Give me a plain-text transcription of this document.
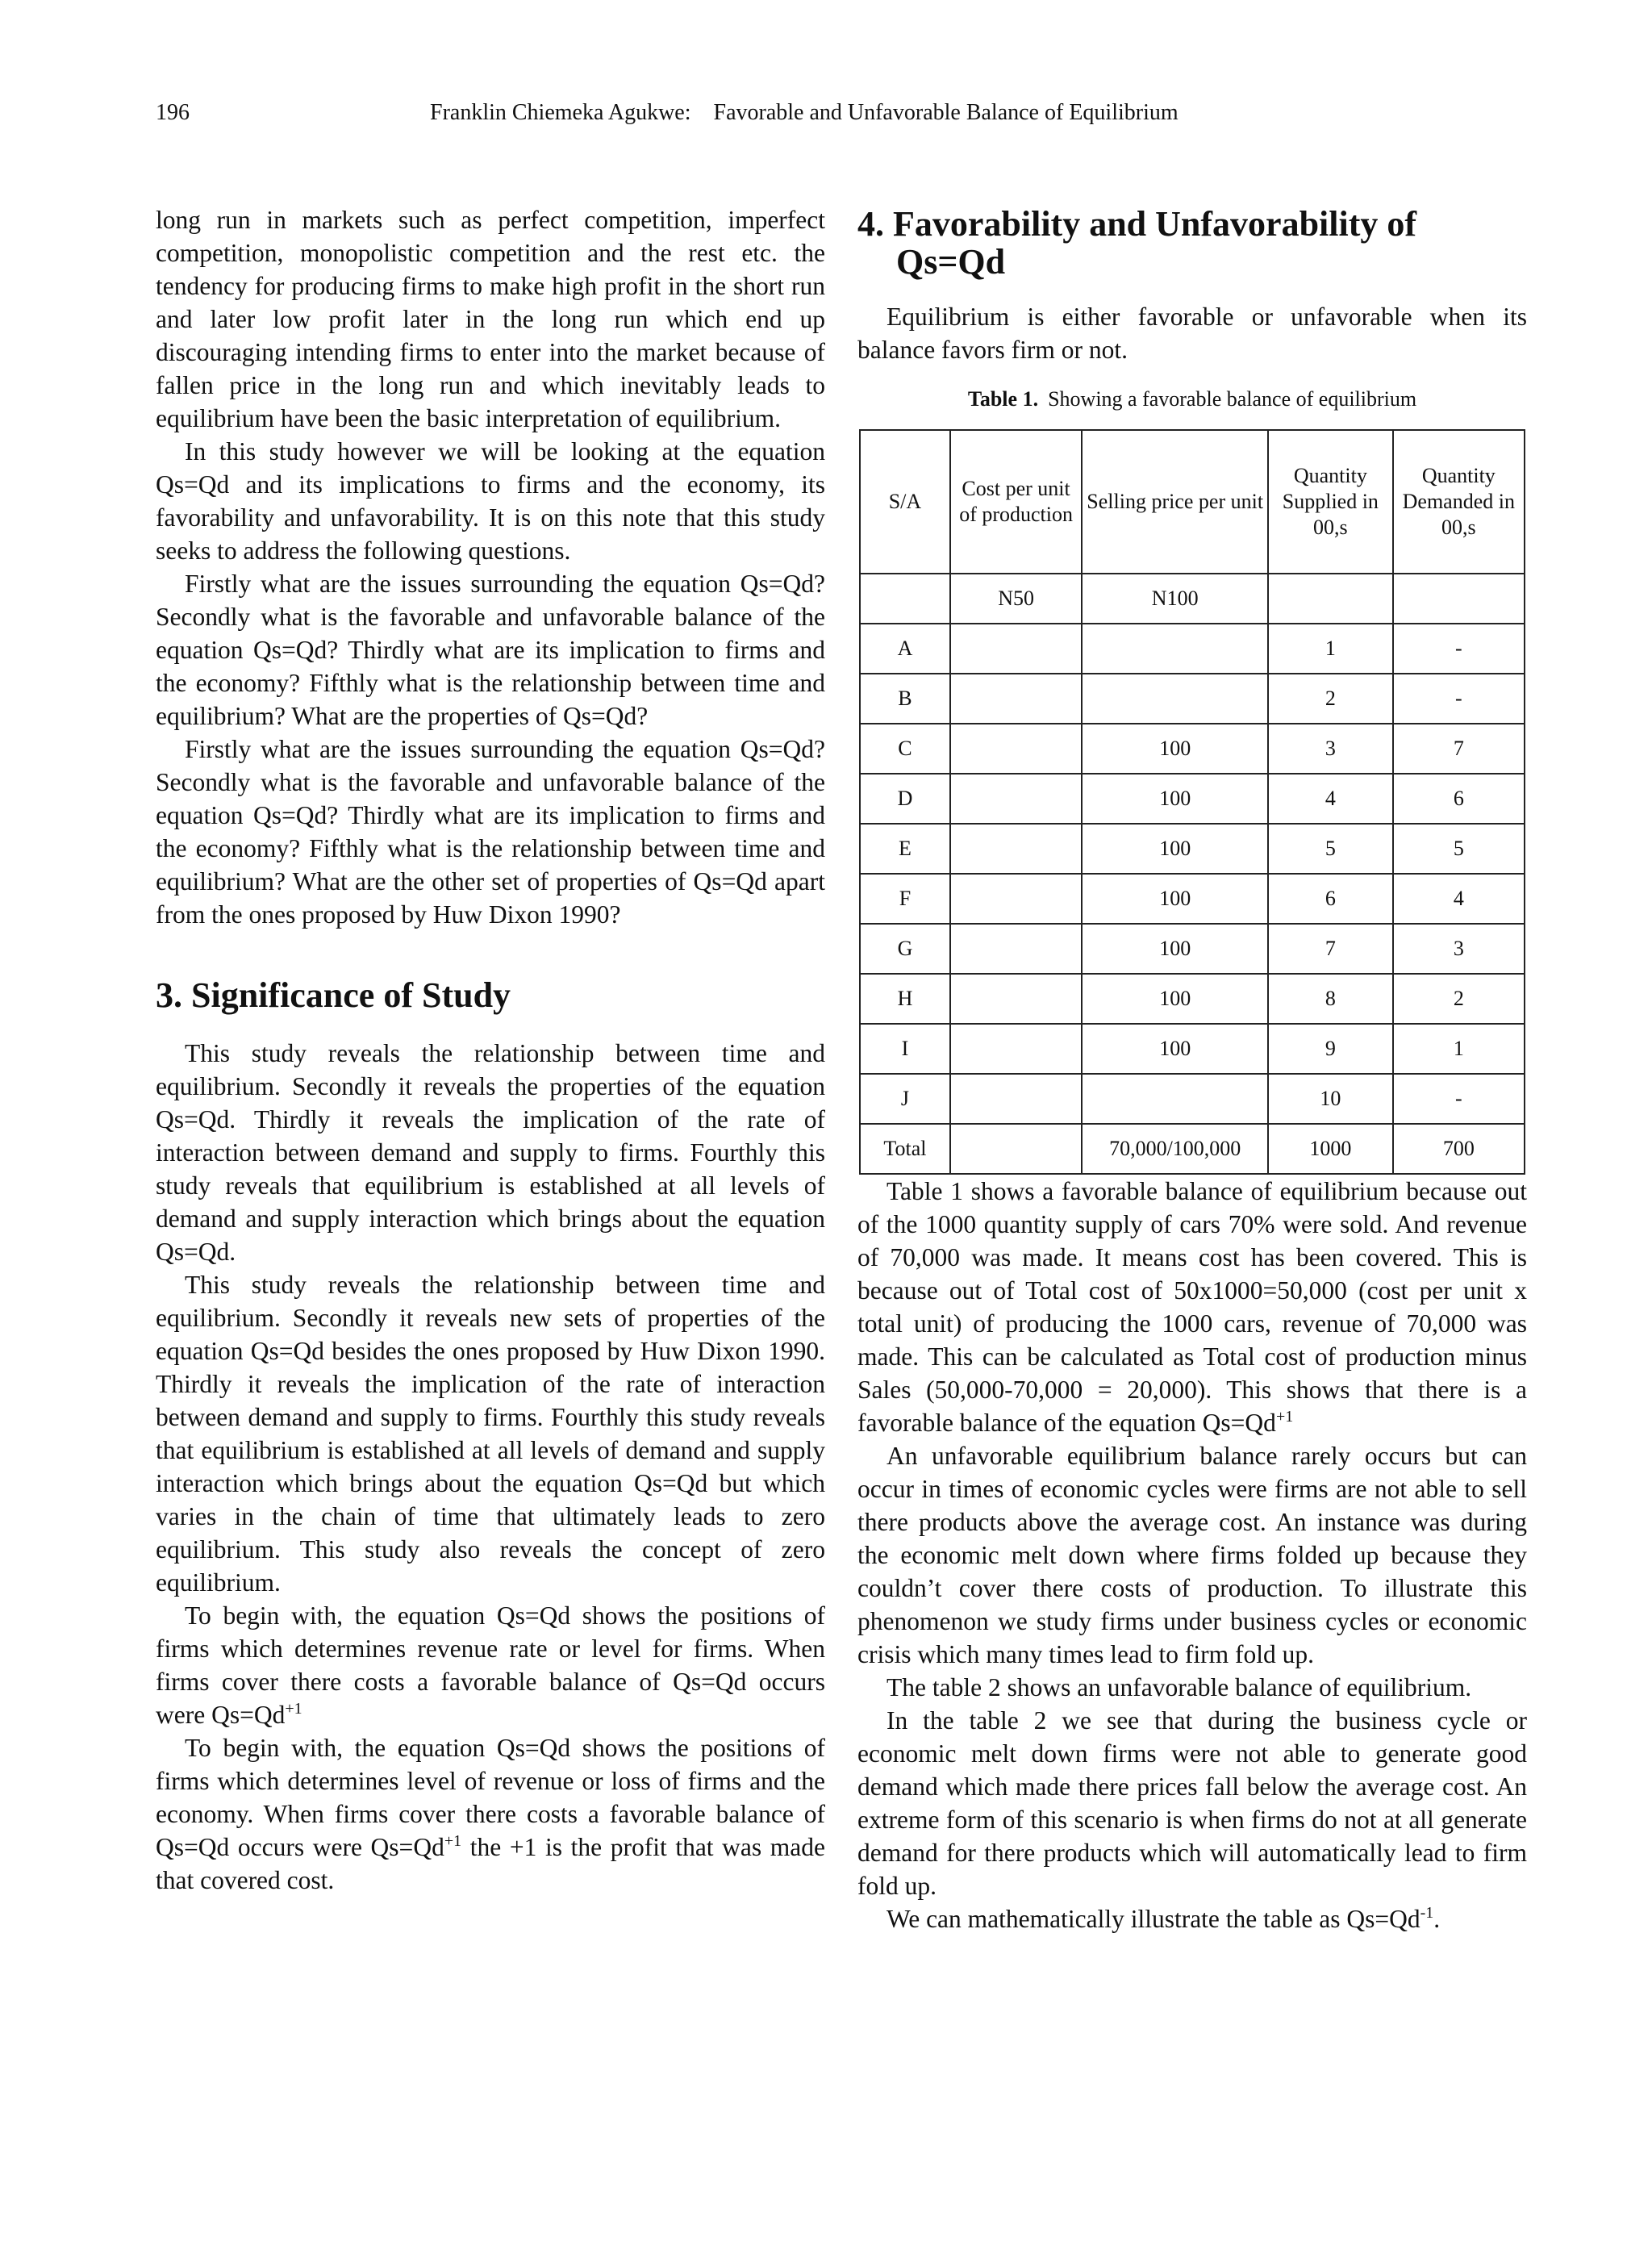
196	Franklin Chiemeka Agukwe:    Favorable and Unfavorable Balance of Equilibrium

long run in markets such as perfect competition, imperfect competition, monopolistic competition and the rest etc. the tendency for producing firms to make high profit in the short run and later low profit later in the long run which end up discouraging intending firms to enter into the market because of fallen price in the long run and which inevitably leads to equilibrium have been the basic interpretation of equilibrium.

In this study however we will be looking at the equation Qs=Qd and its implications to firms and the economy, its favorability and unfavorability. It is on this note that this study seeks to address the following questions.

Firstly what are the issues surrounding the equation Qs=Qd? Secondly what is the favorable and unfavorable balance of the equation Qs=Qd? Thirdly what are its implication to firms and the economy? Fifthly what is the relationship between time and equilibrium? What are the properties of Qs=Qd?

Firstly what are the issues surrounding the equation Qs=Qd? Secondly what is the favorable and unfavorable balance of the equation Qs=Qd? Thirdly what are its implication to firms and the economy? Fifthly what is the relationship between time and equilibrium? What are the other set of properties of Qs=Qd apart from the ones proposed by Huw Dixon 1990?

3. Significance of Study

This study reveals the relationship between time and equilibrium. Secondly it reveals the properties of the equation Qs=Qd. Thirdly it reveals the implication of the rate of interaction between demand and supply to firms. Fourthly this study reveals that equilibrium is established at all levels of demand and supply interaction which brings about the equation Qs=Qd.

This study reveals the relationship between time and equilibrium. Secondly it reveals new sets of properties of the equation Qs=Qd besides the ones proposed by Huw Dixon 1990. Thirdly it reveals the implication of the rate of interaction between demand and supply to firms. Fourthly this study reveals that equilibrium is established at all levels of demand and supply interaction which brings about the equation Qs=Qd but which varies in the chain of time that ultimately leads to zero equilibrium. This study also reveals the concept of zero equilibrium.

To begin with, the equation Qs=Qd shows the positions of firms which determines revenue rate or level for firms. When firms cover there costs a favorable balance of Qs=Qd occurs were $Qs=Qd^{+1}$

To begin with, the equation Qs=Qd shows the positions of firms which determines level of revenue or loss of firms and the economy. When firms cover there costs a favorable balance of Qs=Qd occurs were $Qs=Qd^{+1}$ the +1 is the profit that was made that covered cost.

4. Favorability and Unfavorability of Qs=Qd

Equilibrium is either favorable or unfavorable when its balance favors firm or not.

Table 1. Showing a favorable balance of equilibrium
S/A	Cost per unit of production	Selling price per unit	Quantity Supplied in 00,s	Quantity Demanded in 00,s
	N50	N100		
A			1	-
B			2	-
C		100	3	7
D		100	4	6
E		100	5	5
F		100	6	4
G		100	7	3
H		100	8	2
I		100	9	1
J			10	-
Total		70,000/100,000	1000	700

Table 1 shows a favorable balance of equilibrium because out of the 1000 quantity supply of cars 70% were sold. And revenue of 70,000 was made. It means cost has been covered. This is because out of Total cost of 50x1000=50,000 (cost per unit x total unit) of producing the 1000 cars, revenue of 70,000 was made. This can be calculated as Total cost of production minus Sales (50,000-70,000 = 20,000). This shows that there is a favorable balance of the equation $Qs=Qd^{+1}$

An unfavorable equilibrium balance rarely occurs but can occur in times of economic cycles were firms are not able to sell there products above the average cost. An instance was during the economic melt down where firms folded up because they couldn’t cover there costs of production. To illustrate this phenomenon we study firms under business cycles or economic crisis which many times lead to firm fold up.

The table 2 shows an unfavorable balance of equilibrium.

In the table 2 we see that during the business cycle or economic melt down firms were not able to generate good demand which made there prices fall below the average cost. An extreme form of this scenario is when firms do not at all generate demand for there products which will automatically lead to firm fold up.

We can mathematically illustrate the table as $Qs=Qd^{-1}$.
